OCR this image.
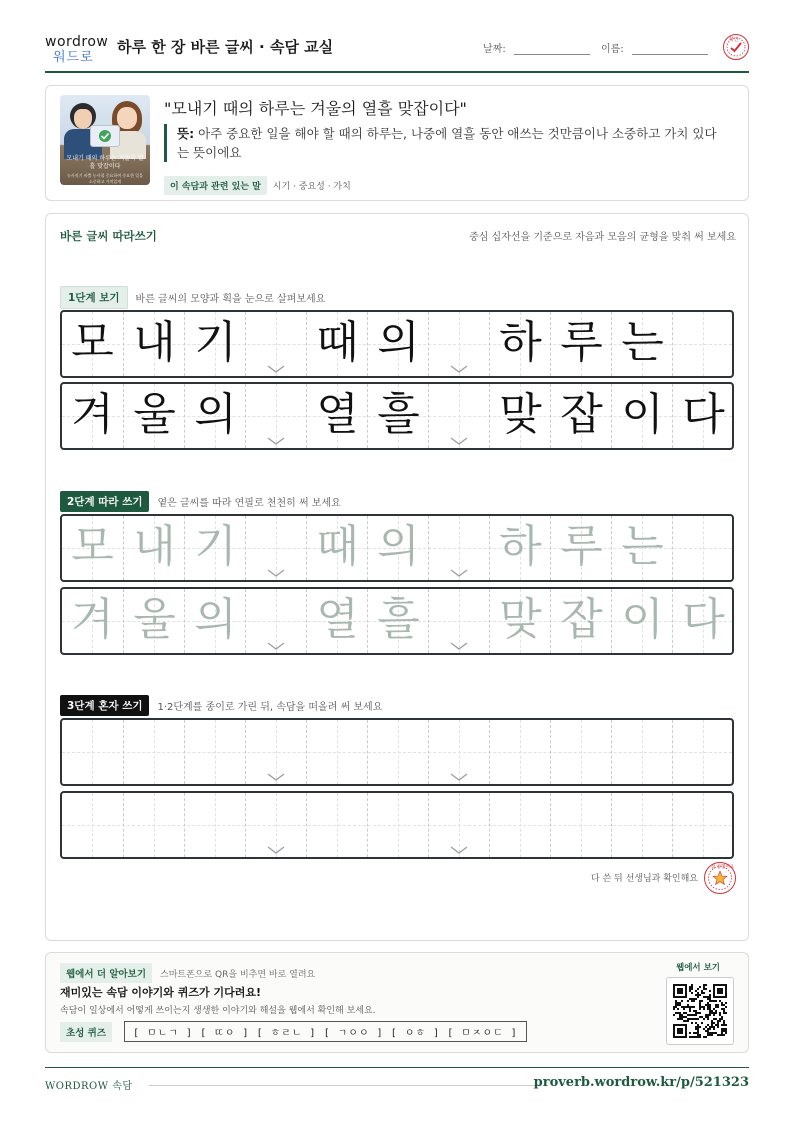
wordrow
워드로
하루 한 장 바른 글씨 · 속담 교실	날짜:	이름:
확인
모내기 때의 하루는 겨울의 열흘 맞잡이다
농사짓기 바쁠 농사철 중요하여 중요한 일을 소중하고 가치있게
"모내기 때의 하루는 겨울의 열흘 맞잡이다"
뜻: 아주 중요한 일을 해야 할 때의 하루는, 나중에 열흘 동안 애쓰는 것만큼이나 소중하고 가치 있다는 뜻이에요
이 속담과 관련 있는 말 시기 · 중요성 · 가치
바른 글씨 따라쓰기	중심 십자선을 기준으로 자음과 모음의 균형을 맞춰 써 보세요
1단계 보기	바른 글씨의 모양과 획을 눈으로 살펴보세요
2단계 따라 쓰기	옅은 글씨를 따라 연필로 천천히 써 보세요
3단계 혼자 쓰기	1·2단계를 종이로 가린 뒤, 속담을 떠올려 써 보세요
다 쓴 뒤 선생님과 확인해요
참 잘했어요
모 내 기 때 의 하 루 는
겨 울 의 열 흘 맞 잡 이 다
모 내 기 때 의 하 루 는
겨 울 의 열 흘 맞 잡 이 다
웹에서 더 알아보기	스마트폰으로 QR을 비추면 바로 열려요
재미있는 속담 이야기와 퀴즈가 기다려요!
속담이 일상에서 어떻게 쓰이는지 생생한 이야기와 해설을 웹에서 확인해 보세요.
초성 퀴즈	[ ㅁㄴㄱ ] [ ㄸㅇ ] [ ㅎㄹㄴ ] [ ㄱㅇㅇ ] [ ㅇㅎ ] [ ㅁㅈㅇㄷ ]
웹에서 보기
WORDROW 속담	proverb.wordrow.kr/p/521323
